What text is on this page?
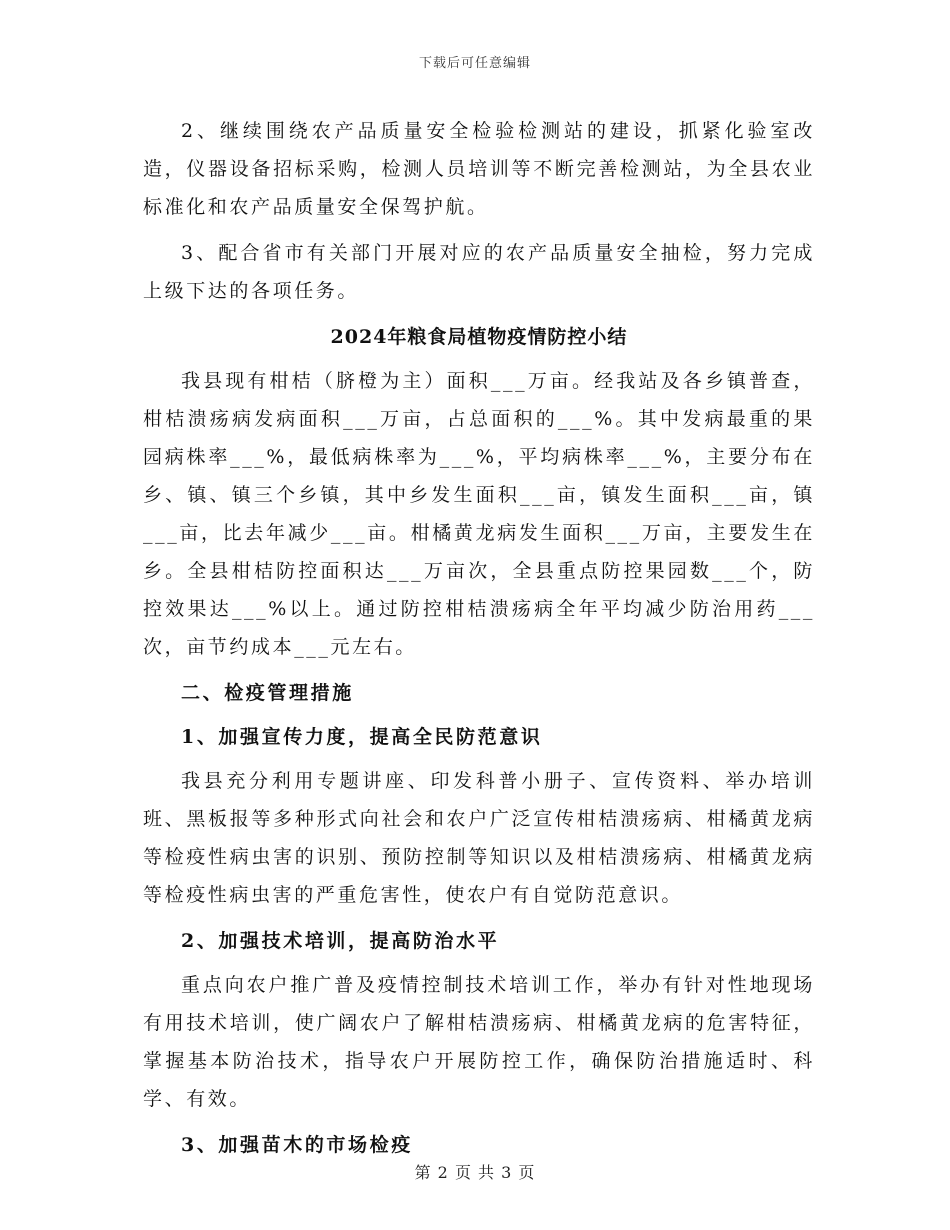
下载后可任意编辑

2、继续围绕农产品质量安全检验检测站的建设，抓紧化验室改造，仪器设备招标采购，检测人员培训等不断完善检测站，为全县农业标准化和农产品质量安全保驾护航。

3、配合省市有关部门开展对应的农产品质量安全抽检，努力完成上级下达的各项任务。

2024年粮食局植物疫情防控小结

我县现有柑桔（脐橙为主）面积___万亩。经我站及各乡镇普查，柑桔溃疡病发病面积___万亩，占总面积的___%。其中发病最重的果园病株率___%，最低病株率为___%，平均病株率___%，主要分布在乡、镇、镇三个乡镇，其中乡发生面积___亩，镇发生面积___亩，镇___亩，比去年减少___亩。柑橘黄龙病发生面积___万亩，主要发生在乡。全县柑桔防控面积达___万亩次，全县重点防控果园数___个，防控效果达___%以上。通过防控柑桔溃疡病全年平均减少防治用药___次，亩节约成本___元左右。

二、检疫管理措施

1、加强宣传力度，提高全民防范意识

我县充分利用专题讲座、印发科普小册子、宣传资料、举办培训班、黑板报等多种形式向社会和农户广泛宣传柑桔溃疡病、柑橘黄龙病等检疫性病虫害的识别、预防控制等知识以及柑桔溃疡病、柑橘黄龙病等检疫性病虫害的严重危害性，使农户有自觉防范意识。

2、加强技术培训，提高防治水平

重点向农户推广普及疫情控制技术培训工作，举办有针对性地现场有用技术培训，使广阔农户了解柑桔溃疡病、柑橘黄龙病的危害特征，掌握基本防治技术，指导农户开展防控工作，确保防治措施适时、科学、有效。

3、加强苗木的市场检疫

第 2 页 共 3 页
